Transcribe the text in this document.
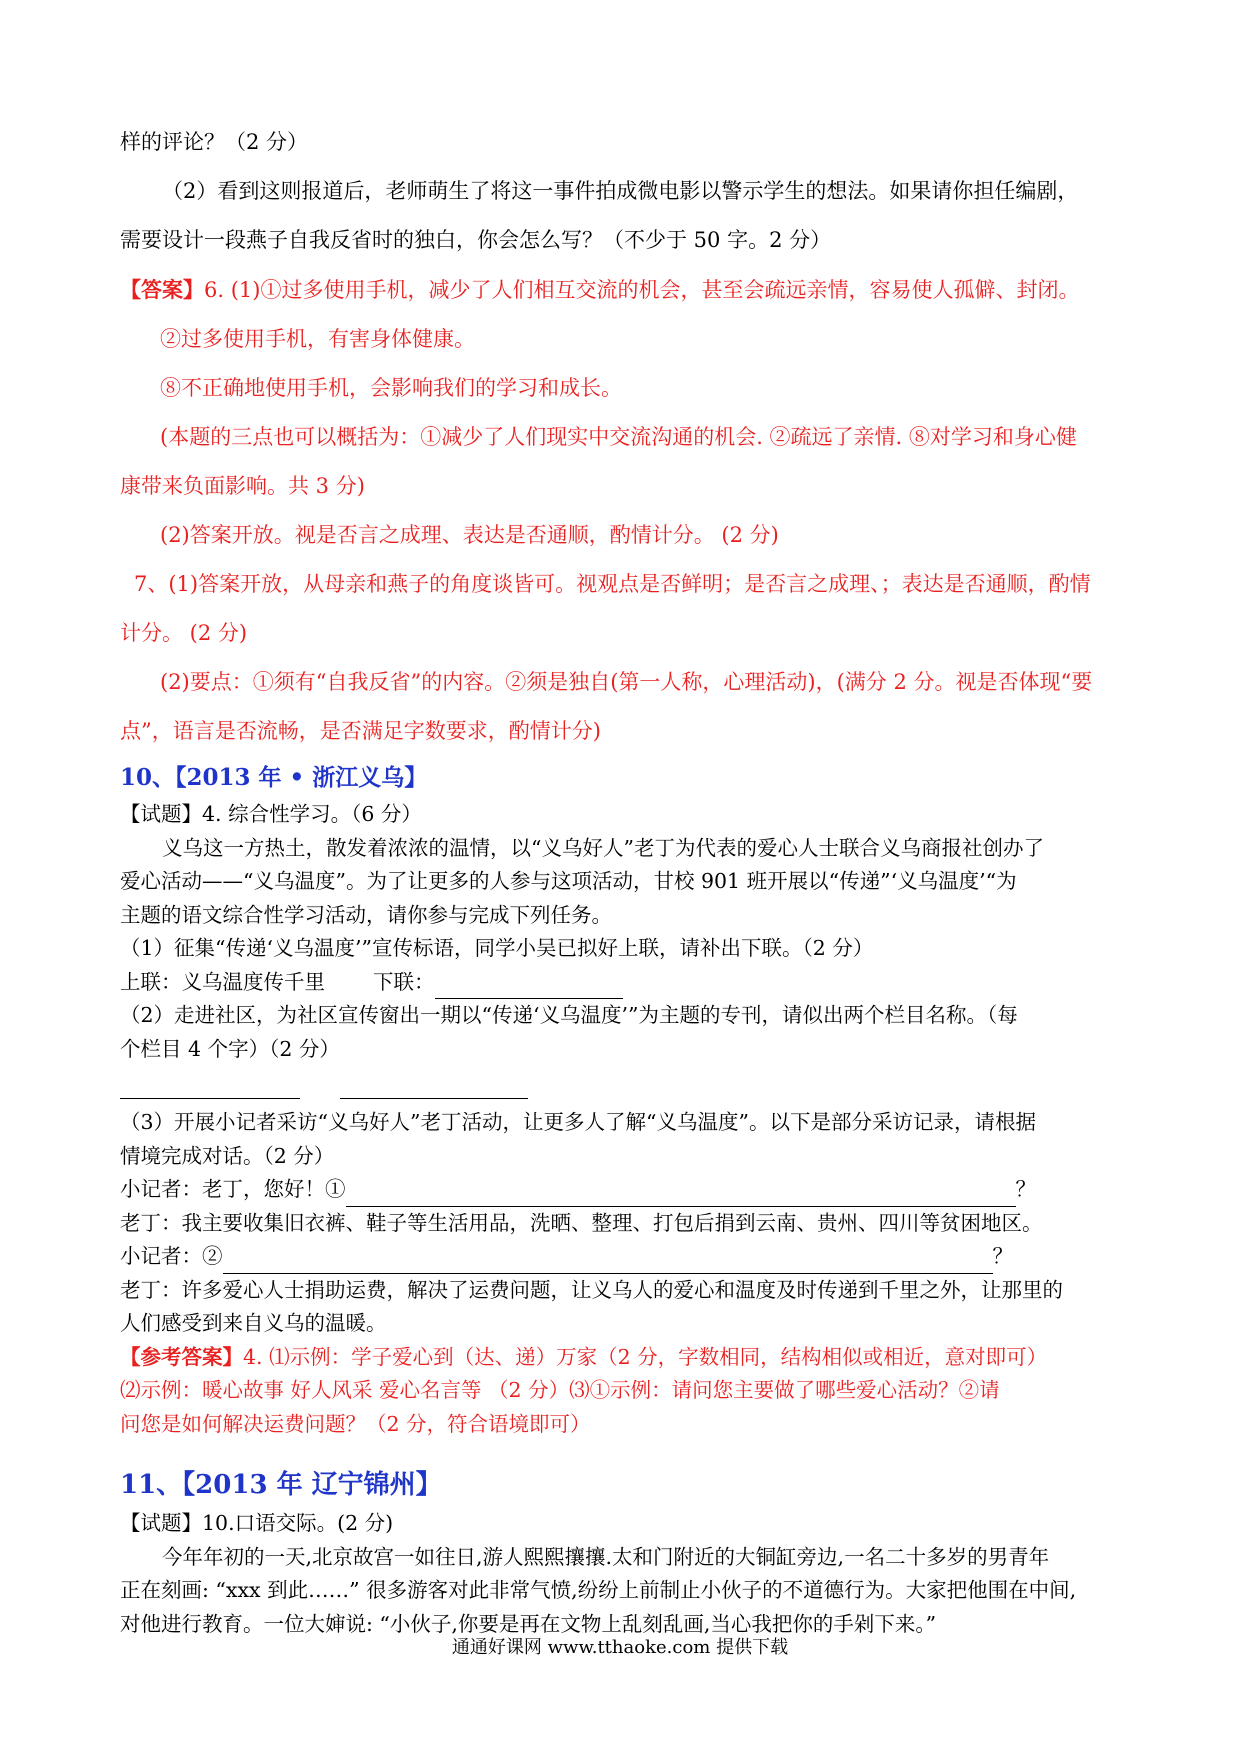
样的评论？（2 分）

（2）看到这则报道后，老师萌生了将这一事件拍成微电影以警示学生的想法。如果请你担任编剧，

需要设计一段燕子自我反省时的独白，你会怎么写？（不少于 50 字。2 分）

【答案】6. (1)①过多使用手机，减少了人们相互交流的机会，甚至会疏远亲情，容易使人孤僻、封闭。

②过多使用手机，有害身体健康。

⑧不正确地使用手机，会影响我们的学习和成长。

(本题的三点也可以概括为：①减少了人们现实中交流沟通的机会. ②疏远了亲情. ⑧对学习和身心健

康带来负面影响。共 3 分)

(2)答案开放。视是否言之成理、表达是否通顺，酌情计分。 (2 分)

7、(1)答案开放，从母亲和燕子的角度谈皆可。视观点是否鲜明；是否言之成理、；表达是否通顺，酌情

计分。 (2 分)

(2)要点：①须有“自我反省”的内容。②须是独自(第一人称，心理活动)，(满分 2 分。视是否体现“要

点”，语言是否流畅，是否满足字数要求，酌情计分)

10、【2013 年 • 浙江义乌】

【试题】4. 综合性学习。（6 分）

义乌这一方热土，散发着浓浓的温情，以“义乌好人”老丁为代表的爱心人士联合义乌商报社创办了

爱心活动——“义乌温度”。为了让更多的人参与这项活动，甘校 901 班开展以“传递”‘义乌温度’“为

主题的语文综合性学习活动，请你参与完成下列任务。

（1）征集“传递‘义乌温度’”宣传标语，同学小吴已拟好上联，请补出下联。（2 分）

上联：义乌温度传千里 下联：

（2）走进社区，为社区宣传窗出一期以“传递‘义乌温度’”为主题的专刊，请似出两个栏目名称。（每

个栏目 4 个字）（2 分）

（3）开展小记者采访“义乌好人”老丁活动，让更多人了解“义乌温度”。以下是部分采访记录，请根据

情境完成对话。（2 分）

小记者：老丁，您好！①	？

老丁：我主要收集旧衣裤、鞋子等生活用品，洗晒、整理、打包后捐到云南、贵州、四川等贫困地区。

小记者：②	？

老丁：许多爱心人士捐助运费，解决了运费问题，让义乌人的爱心和温度及时传递到千里之外，让那里的

人们感受到来自义乌的温暖。

【参考答案】4. ⑴示例：学子爱心到（达、递）万家（2 分，字数相同，结构相似或相近，意对即可）

⑵示例：暖心故事 好人风采 爱心名言等 （2 分）⑶①示例：请问您主要做了哪些爱心活动？②请

问您是如何解决运费问题？（2 分，符合语境即可）

11、【2013 年 辽宁锦州】

【试题】10.口语交际。(2 分)

今年年初的一天,北京故宫一如往日,游人熙熙攘攘.太和门附近的大铜缸旁边,一名二十多岁的男青年

正在刻画: “xxx 到此……” 很多游客对此非常气愤,纷纷上前制止小伙子的不道德行为。大家把他围在中间,

对他进行教育。一位大婶说: “小伙子,你要是再在文物上乱刻乱画,当心我把你的手剁下来。”

通通好课网 www.tthaoke.com 提供下载
